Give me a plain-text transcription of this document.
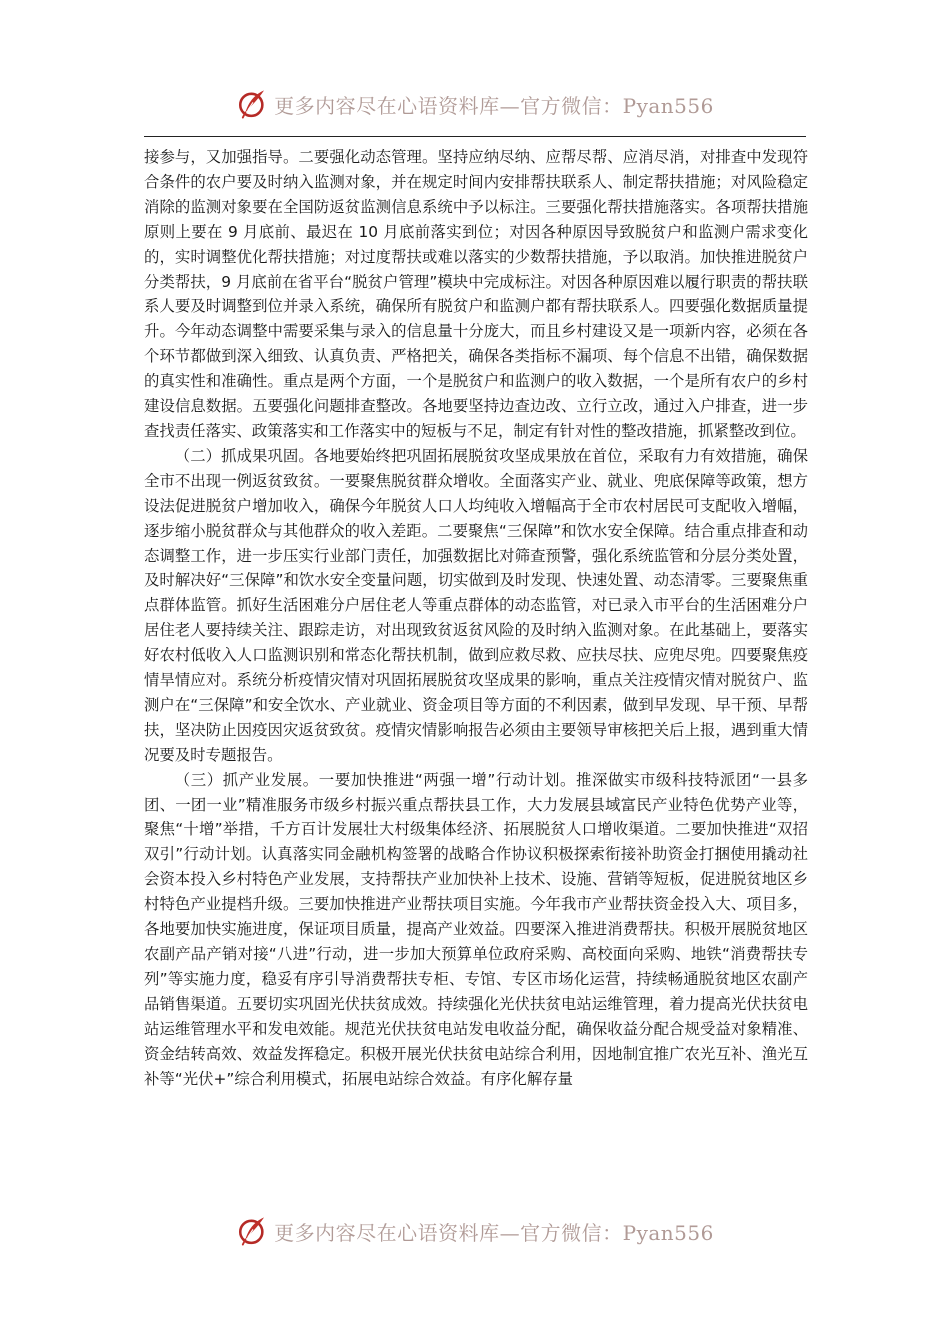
更多内容尽在心语资料库—官方微信：Pyan556

接参与，又加强指导。二要强化动态管理。坚持应纳尽纳、应帮尽帮、应消尽消，对排查中发现符合条件的农户要及时纳入监测对象，并在规定时间内安排帮扶联系人、制定帮扶措施；对风险稳定消除的监测对象要在全国防返贫监测信息系统中予以标注。三要强化帮扶措施落实。各项帮扶措施原则上要在 9 月底前、最迟在 10 月底前落实到位；对因各种原因导致脱贫户和监测户需求变化的，实时调整优化帮扶措施；对过度帮扶或难以落实的少数帮扶措施，予以取消。加快推进脱贫户分类帮扶，9 月底前在省平台“脱贫户管理”模块中完成标注。对因各种原因难以履行职责的帮扶联系人要及时调整到位并录入系统，确保所有脱贫户和监测户都有帮扶联系人。四要强化数据质量提升。今年动态调整中需要采集与录入的信息量十分庞大，而且乡村建设又是一项新内容，必须在各个环节都做到深入细致、认真负责、严格把关，确保各类指标不漏项、每个信息不出错，确保数据的真实性和准确性。重点是两个方面，一个是脱贫户和监测户的收入数据，一个是所有农户的乡村建设信息数据。五要强化问题排查整改。各地要坚持边查边改、立行立改，通过入户排查，进一步查找责任落实、政策落实和工作落实中的短板与不足，制定有针对性的整改措施，抓紧整改到位。

（二）抓成果巩固。各地要始终把巩固拓展脱贫攻坚成果放在首位，采取有力有效措施，确保全市不出现一例返贫致贫。一要聚焦脱贫群众增收。全面落实产业、就业、兜底保障等政策，想方设法促进脱贫户增加收入，确保今年脱贫人口人均纯收入增幅高于全市农村居民可支配收入增幅，逐步缩小脱贫群众与其他群众的收入差距。二要聚焦“三保障”和饮水安全保障。结合重点排查和动态调整工作，进一步压实行业部门责任，加强数据比对筛查预警，强化系统监管和分层分类处置，及时解决好“三保障”和饮水安全变量问题，切实做到及时发现、快速处置、动态清零。三要聚焦重点群体监管。抓好生活困难分户居住老人等重点群体的动态监管，对已录入市平台的生活困难分户居住老人要持续关注、跟踪走访，对出现致贫返贫风险的及时纳入监测对象。在此基础上，要落实好农村低收入人口监测识别和常态化帮扶机制，做到应救尽救、应扶尽扶、应兜尽兜。四要聚焦疫情旱情应对。系统分析疫情灾情对巩固拓展脱贫攻坚成果的影响，重点关注疫情灾情对脱贫户、监测户在“三保障”和安全饮水、产业就业、资金项目等方面的不利因素，做到早发现、早干预、早帮扶，坚决防止因疫因灾返贫致贫。疫情灾情影响报告必须由主要领导审核把关后上报，遇到重大情况要及时专题报告。

（三）抓产业发展。一要加快推进“两强一增”行动计划。推深做实市级科技特派团“一县多团、一团一业”精准服务市级乡村振兴重点帮扶县工作，大力发展县域富民产业特色优势产业等，聚焦“十增”举措，千方百计发展壮大村级集体经济、拓展脱贫人口增收渠道。二要加快推进“双招双引”行动计划。认真落实同金融机构签署的战略合作协议积极探索衔接补助资金打捆使用撬动社会资本投入乡村特色产业发展，支持帮扶产业加快补上技术、设施、营销等短板，促进脱贫地区乡村特色产业提档升级。三要加快推进产业帮扶项目实施。今年我市产业帮扶资金投入大、项目多，各地要加快实施进度，保证项目质量，提高产业效益。四要深入推进消费帮扶。积极开展脱贫地区农副产品产销对接“八进”行动，进一步加大预算单位政府采购、高校面向采购、地铁“消费帮扶专列”等实施力度，稳妥有序引导消费帮扶专柜、专馆、专区市场化运营，持续畅通脱贫地区农副产品销售渠道。五要切实巩固光伏扶贫成效。持续强化光伏扶贫电站运维管理，着力提高光伏扶贫电站运维管理水平和发电效能。规范光伏扶贫电站发电收益分配，确保收益分配合规受益对象精准、资金结转高效、效益发挥稳定。积极开展光伏扶贫电站综合利用，因地制宜推广农光互补、渔光互补等“光伏+”综合利用模式，拓展电站综合效益。有序化解存量

更多内容尽在心语资料库—官方微信：Pyan556
